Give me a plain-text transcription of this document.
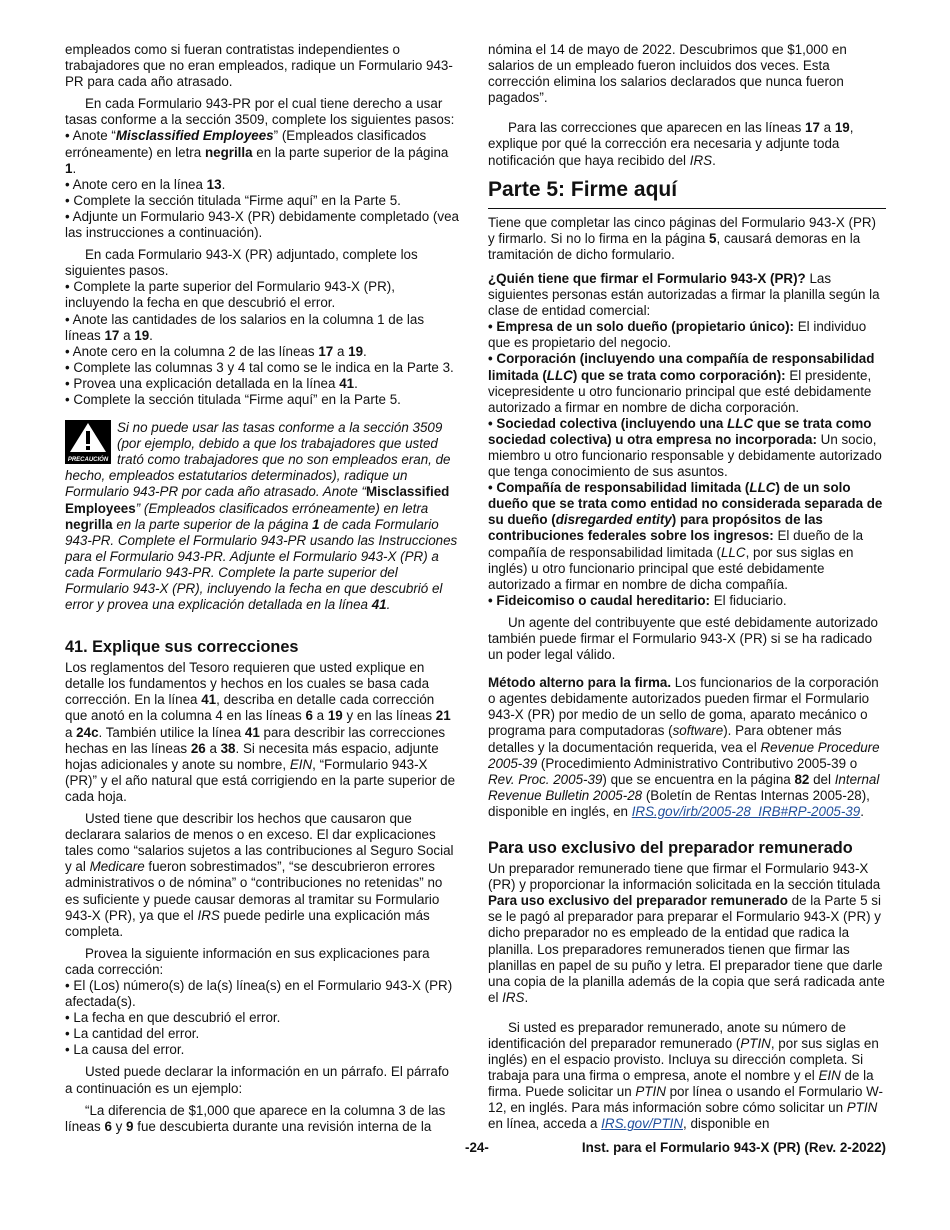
empleados como si fueran contratistas independientes o trabajadores que no eran empleados, radique un Formulario 943-PR para cada año atrasado.

En cada Formulario 943-PR por el cual tiene derecho a usar tasas conforme a la sección 3509, complete los siguientes pasos:

• Anote “Misclassified Employees” (Empleados clasificados erróneamente) en letra negrilla en la parte superior de la página 1.

• Anote cero en la línea 13.

• Complete la sección titulada “Firme aquí” en la Parte 5.

• Adjunte un Formulario 943-X (PR) debidamente completado (vea las instrucciones a continuación).

En cada Formulario 943-X (PR) adjuntado, complete los siguientes pasos.

• Complete la parte superior del Formulario 943-X (PR), incluyendo la fecha en que descubrió el error.

• Anote las cantidades de los salarios en la columna 1 de las líneas 17 a 19.

• Anote cero en la columna 2 de las líneas 17 a 19.

• Complete las columnas 3 y 4 tal como se le indica en la Parte 3.

• Provea una explicación detallada en la línea 41.

• Complete la sección titulada “Firme aquí” en la Parte 5.

PRECAUCIÓN
Si no puede usar las tasas conforme a la sección 3509 (por ejemplo, debido a que los trabajadores que usted trató como trabajadores que no son empleados eran, de hecho, empleados estatutarios determinados), radique un Formulario 943-PR por cada año atrasado. Anote “Misclassified Employees” (Empleados clasificados erróneamente) en letra negrilla en la parte superior de la página 1 de cada Formulario 943-PR. Complete el Formulario 943-PR usando las Instrucciones para el Formulario 943-PR. Adjunte el Formulario 943-X (PR) a cada Formulario 943-PR. Complete la parte superior del Formulario 943-X (PR), incluyendo la fecha en que descubrió el error y provea una explicación detallada en la línea 41.
41. Explique sus correcciones

Los reglamentos del Tesoro requieren que usted explique en detalle los fundamentos y hechos en los cuales se basa cada corrección. En la línea 41, describa en detalle cada corrección que anotó en la columna 4 en las líneas 6 a 19 y en las líneas 21 a 24c. También utilice la línea 41 para describir las correcciones hechas en las líneas 26 a 38. Si necesita más espacio, adjunte hojas adicionales y anote su nombre, EIN, “Formulario 943-X (PR)” y el año natural que está corrigiendo en la parte superior de cada hoja.

Usted tiene que describir los hechos que causaron que declarara salarios de menos o en exceso. El dar explicaciones tales como “salarios sujetos a las contribuciones al Seguro Social y al Medicare fueron sobrestimados”, “se descubrieron errores administrativos o de nómina” o “contribuciones no retenidas” no es suficiente y puede causar demoras al tramitar su Formulario 943-X (PR), ya que el IRS puede pedirle una explicación más completa.

Provea la siguiente información en sus explicaciones para cada corrección:

• El (Los) número(s) de la(s) línea(s) en el Formulario 943-X (PR) afectada(s).

• La fecha en que descubrió el error.

• La cantidad del error.

• La causa del error.

Usted puede declarar la información en un párrafo. El párrafo a continuación es un ejemplo:

“La diferencia de $1,000 que aparece en la columna 3 de las líneas 6 y 9 fue descubierta durante una revisión interna de la

nómina el 14 de mayo de 2022. Descubrimos que $1,000 en salarios de un empleado fueron incluidos dos veces. Esta corrección elimina los salarios declarados que nunca fueron pagados”.

Para las correcciones que aparecen en las líneas 17 a 19, explique por qué la corrección era necesaria y adjunte toda notificación que haya recibido del IRS.

Parte 5: Firme aquí

Tiene que completar las cinco páginas del Formulario 943-X (PR) y firmarlo. Si no lo firma en la página 5, causará demoras en la tramitación de dicho formulario.

¿Quién tiene que firmar el Formulario 943-X (PR)? Las siguientes personas están autorizadas a firmar la planilla según la clase de entidad comercial:

• Empresa de un solo dueño (propietario único): El individuo que es propietario del negocio.

• Corporación (incluyendo una compañía de responsabilidad limitada (LLC) que se trata como corporación): El presidente, vicepresidente u otro funcionario principal que esté debidamente autorizado a firmar en nombre de dicha corporación.

• Sociedad colectiva (incluyendo una LLC que se trata como sociedad colectiva) u otra empresa no incorporada: Un socio, miembro u otro funcionario responsable y debidamente autorizado que tenga conocimiento de sus asuntos.

• Compañía de responsabilidad limitada (LLC) de un solo dueño que se trata como entidad no considerada separada de su dueño (disregarded entity) para propósitos de las contribuciones federales sobre los ingresos: El dueño de la compañía de responsabilidad limitada (LLC, por sus siglas en inglés) u otro funcionario principal que esté debidamente autorizado a firmar en nombre de dicha compañía.

• Fideicomiso o caudal hereditario: El fiduciario.

Un agente del contribuyente que esté debidamente autorizado también puede firmar el Formulario 943-X (PR) si se ha radicado un poder legal válido.

Método alterno para la firma. Los funcionarios de la corporación o agentes debidamente autorizados pueden firmar el Formulario 943-X (PR) por medio de un sello de goma, aparato mecánico o programa para computadoras (software). Para obtener más detalles y la documentación requerida, vea el Revenue Procedure 2005-39 (Procedimiento Administrativo Contributivo 2005-39 o Rev. Proc. 2005-39) que se encuentra en la página 82 del Internal Revenue Bulletin 2005-28 (Boletín de Rentas Internas 2005-28), disponible en inglés, en IRS.gov/irb/2005-28_IRB#RP-2005-39.

Para uso exclusivo del preparador remunerado

Un preparador remunerado tiene que firmar el Formulario 943-X (PR) y proporcionar la información solicitada en la sección titulada Para uso exclusivo del preparador remunerado de la Parte 5 si se le pagó al preparador para preparar el Formulario 943-X (PR) y dicho preparador no es empleado de la entidad que radica la planilla. Los preparadores remunerados tienen que firmar las planillas en papel de su puño y letra. El preparador tiene que darle una copia de la planilla además de la copia que será radicada ante el IRS.

Si usted es preparador remunerado, anote su número de identificación del preparador remunerado (PTIN, por sus siglas en inglés) en el espacio provisto. Incluya su dirección completa. Si trabaja para una firma o empresa, anote el nombre y el EIN de la firma. Puede solicitar un PTIN por línea o usando el Formulario W-12, en inglés. Para más información sobre cómo solicitar un PTIN en línea, acceda a IRS.gov/PTIN, disponible en

-24-	Inst. para el Formulario 943-X (PR) (Rev. 2-2022)
